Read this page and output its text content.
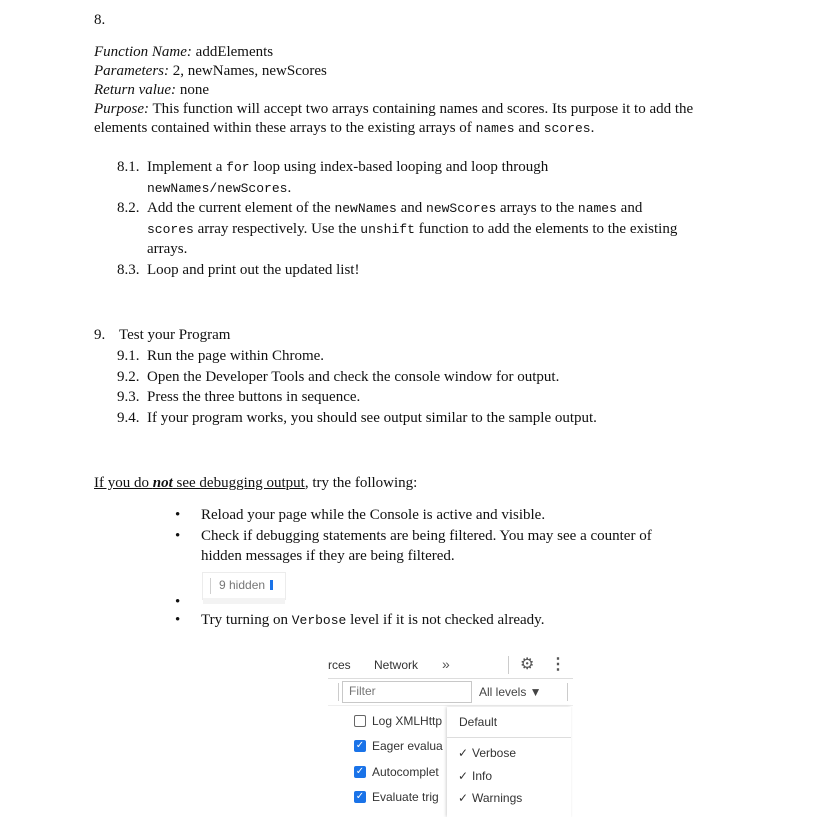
8.
Function Name: addElements
Parameters: 2, newNames, newScores
Return value: none
Purpose: This function will accept two arrays containing names and scores. Its purpose it to add the
elements contained within these arrays to the existing arrays of names and scores.
8.1. Implement a for loop using index-based looping and loop through
newNames/newScores.
8.2. Add the current element of the newNames and newScores arrays to the names and
scores array respectively. Use the unshift function to add the elements to the existing
arrays.
8.3. Loop and print out the updated list!
9. Test your Program
9.1. Run the page within Chrome.
9.2. Open the Developer Tools and check the console window for output.
9.3. Press the three buttons in sequence.
9.4. If your program works, you should see output similar to the sample output.
If you do not see debugging output, try the following:
• Reload your page while the Console is active and visible.
• Check if debugging statements are being filtered. You may see a counter of
hidden messages if they are being filtered.
9 hidden
•
• Try turning on Verbose level if it is not checked already.
rces Network »	⚙ ⋮
Filter
All levels ▼
Log XMLHttp
✓ Eager evalua
✓ Autocomplet
✓ Evaluate trig
Default
✓ Verbose
✓ Info
✓ Warnings
